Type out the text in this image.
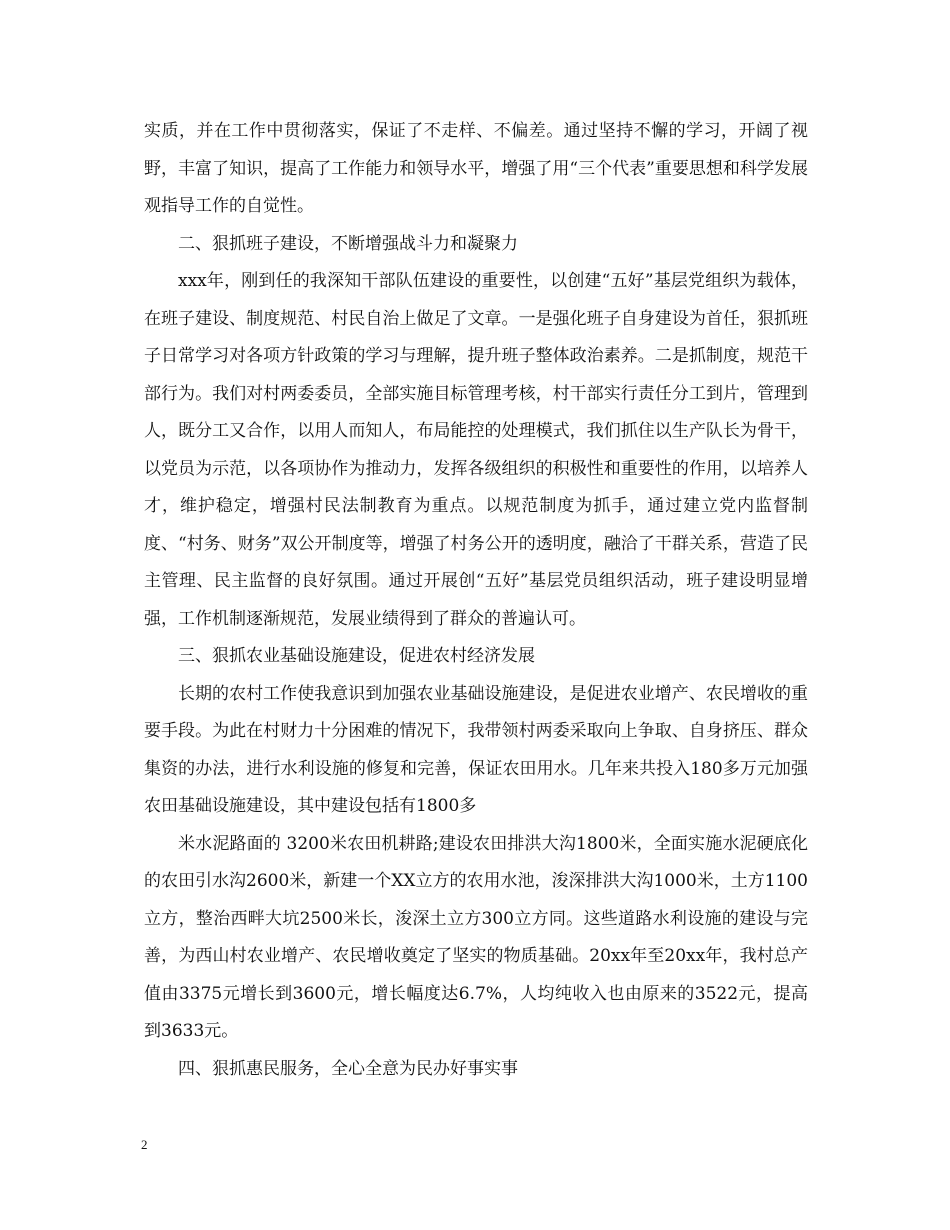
实质，并在工作中贯彻落实，保证了不走样、不偏差。通过坚持不懈的学习，开阔了视野，丰富了知识，提高了工作能力和领导水平，增强了用“三个代表”重要思想和科学发展观指导工作的自觉性。

二、狠抓班子建设，不断增强战斗力和凝聚力

xxx年，刚到任的我深知干部队伍建设的重要性，以创建“五好”基层党组织为载体，在班子建设、制度规范、村民自治上做足了文章。一是强化班子自身建设为首任，狠抓班子日常学习对各项方针政策的学习与理解，提升班子整体政治素养。二是抓制度，规范干部行为。我们对村两委委员，全部实施目标管理考核，村干部实行责任分工到片，管理到人，既分工又合作，以用人而知人，布局能控的处理模式，我们抓住以生产队长为骨干，以党员为示范，以各项协作为推动力，发挥各级组织的积极性和重要性的作用，以培养人才，维护稳定，增强村民法制教育为重点。以规范制度为抓手，通过建立党内监督制度、“村务、财务”双公开制度等，增强了村务公开的透明度，融洽了干群关系，营造了民主管理、民主监督的良好氛围。通过开展创“五好”基层党员组织活动，班子建设明显增强，工作机制逐渐规范，发展业绩得到了群众的普遍认可。

三、狠抓农业基础设施建设，促进农村经济发展

长期的农村工作使我意识到加强农业基础设施建设，是促进农业增产、农民增收的重要手段。为此在村财力十分困难的情况下，我带领村两委采取向上争取、自身挤压、群众集资的办法，进行水利设施的修复和完善，保证农田用水。几年来共投入180多万元加强农田基础设施建设，其中建设包括有1800多

米水泥路面的 3200米农田机耕路;建设农田排洪大沟1800米，全面实施水泥硬底化的农田引水沟2600米，新建一个XX立方的农用水池，浚深排洪大沟1000米，土方1100立方，整治西畔大坑2500米长，浚深土立方300立方同。这些道路水利设施的建设与完善，为西山村农业增产、农民增收奠定了坚实的物质基础。20xx年至20xx年，我村总产值由3375元增长到3600元，增长幅度达6.7%，人均纯收入也由原来的3522元，提高到3633元。

四、狠抓惠民服务，全心全意为民办好事实事

2
